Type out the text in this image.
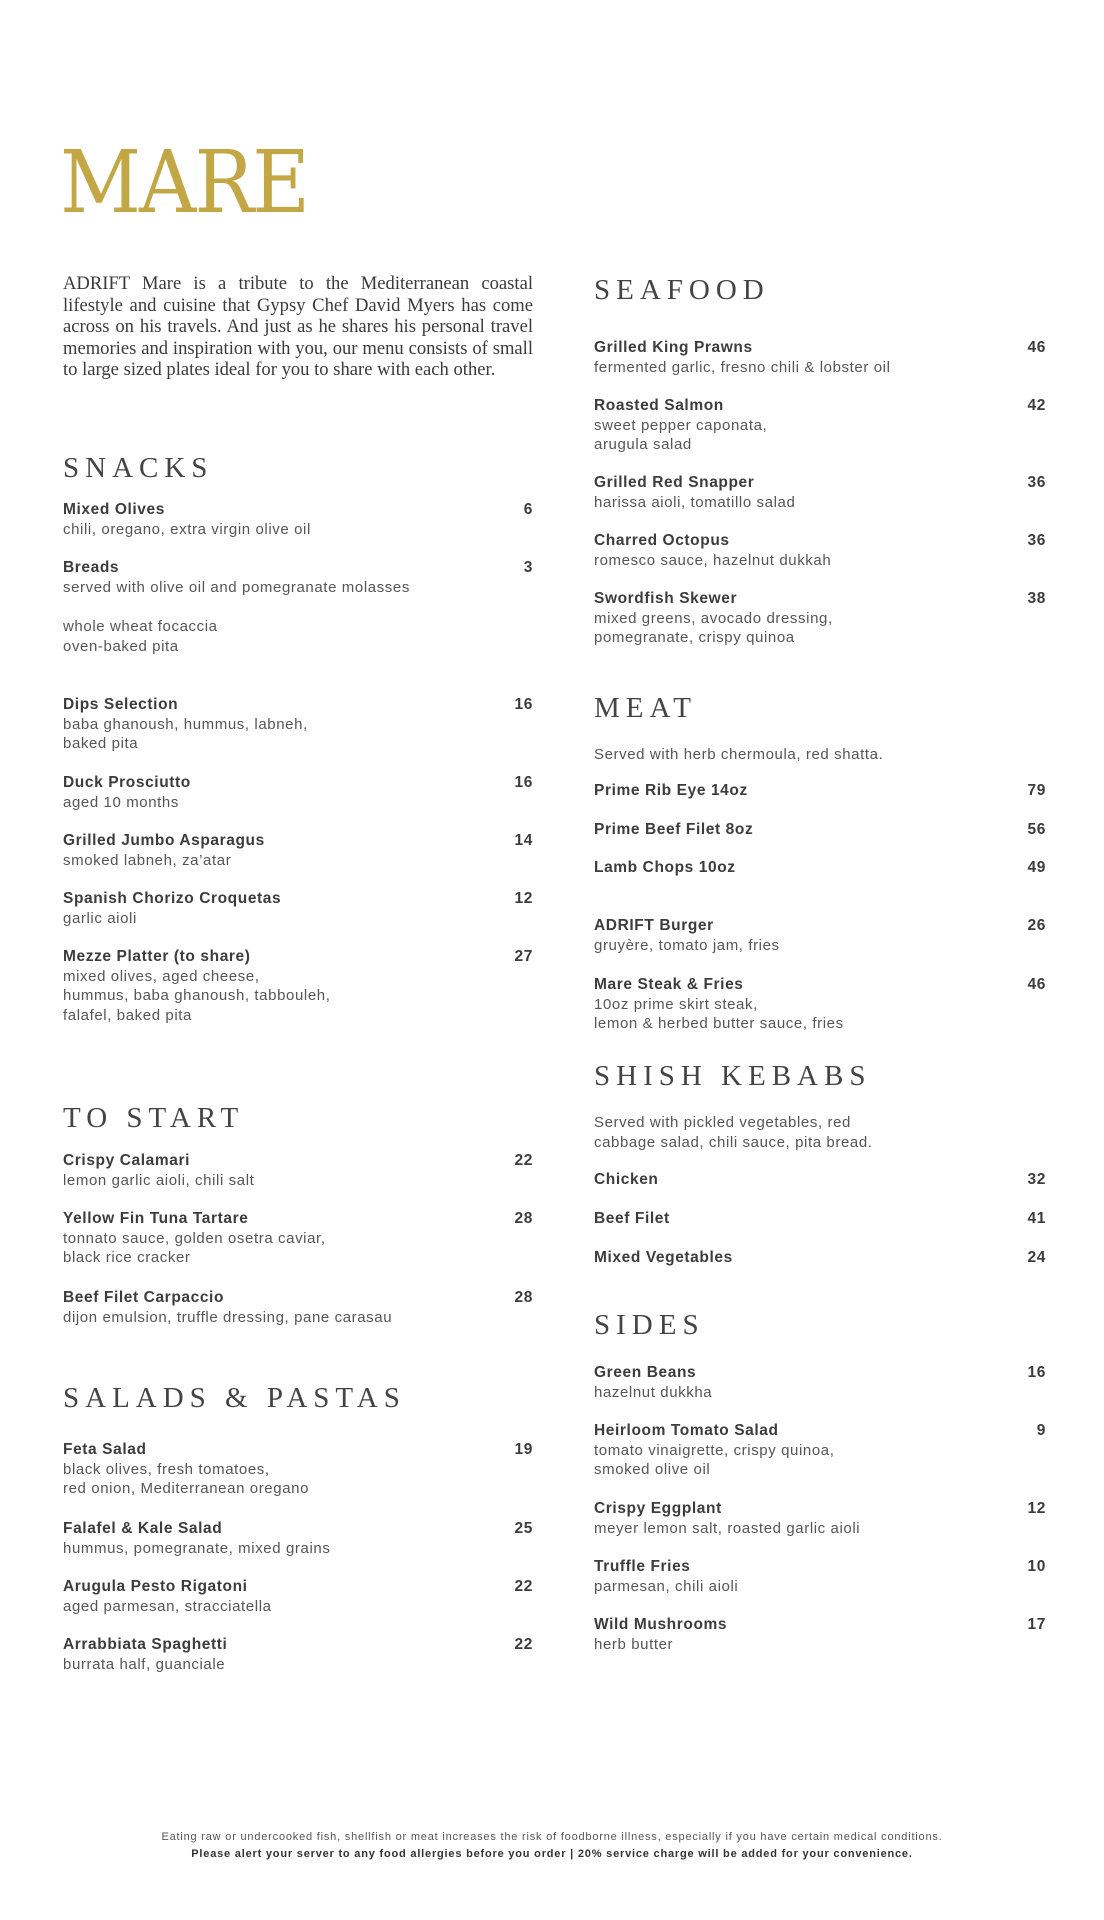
MARE

ADRIFT Mare is a tribute to the Mediterranean coastal lifestyle and cuisine that Gypsy Chef David Myers has come across on his travels. And just as he shares his personal travel memories and inspiration with you, our menu consists of small to large sized plates ideal for you to share with each other.

SNACKS
Mixed Olives	6
chili, oregano, extra virgin olive oil
Breads	3
served with olive oil and pomegranate molasses
whole wheat focaccia
oven-baked pita
Dips Selection	16
baba ghanoush, hummus, labneh,
baked pita
Duck Prosciutto	16
aged 10 months
Grilled Jumbo Asparagus	14
smoked labneh, za’atar
Spanish Chorizo Croquetas	12
garlic aioli
Mezze Platter (to share)	27
mixed olives, aged cheese,
hummus, baba ghanoush, tabbouleh,
falafel, baked pita
TO START
Crispy Calamari	22
lemon garlic aioli, chili salt
Yellow Fin Tuna Tartare	28
tonnato sauce, golden osetra caviar,
black rice cracker
Beef Filet Carpaccio	28
dijon emulsion, truffle dressing, pane carasau
SALADS & PASTAS
Feta Salad	19
black olives, fresh tomatoes,
red onion, Mediterranean oregano
Falafel & Kale Salad	25
hummus, pomegranate, mixed grains
Arugula Pesto Rigatoni	22
aged parmesan, stracciatella
Arrabbiata Spaghetti	22
burrata half, guanciale
SEAFOOD
Grilled King Prawns	46
fermented garlic, fresno chili & lobster oil
Roasted Salmon	42
sweet pepper caponata,
arugula salad
Grilled Red Snapper	36
harissa aioli, tomatillo salad
Charred Octopus	36
romesco sauce, hazelnut dukkah
Swordfish Skewer	38
mixed greens, avocado dressing,
pomegranate, crispy quinoa
MEAT
Served with herb chermoula, red shatta.
Prime Rib Eye 14oz	79
Prime Beef Filet 8oz	56
Lamb Chops 10oz	49
ADRIFT Burger	26
gruyère, tomato jam, fries
Mare Steak & Fries	46
10oz prime skirt steak,
lemon & herbed butter sauce, fries
SHISH KEBABS
Served with pickled vegetables, red
cabbage salad, chili sauce, pita bread.
Chicken	32
Beef Filet	41
Mixed Vegetables	24
SIDES
Green Beans	16
hazelnut dukkha
Heirloom Tomato Salad	9
tomato vinaigrette, crispy quinoa,
smoked olive oil
Crispy Eggplant	12
meyer lemon salt, roasted garlic aioli
Truffle Fries	10
parmesan, chili aioli
Wild Mushrooms	17
herb butter
Eating raw or undercooked fish, shellfish or meat increases the risk of foodborne illness, especially if you have certain medical conditions.
Please alert your server to any food allergies before you order | 20% service charge will be added for your convenience.
